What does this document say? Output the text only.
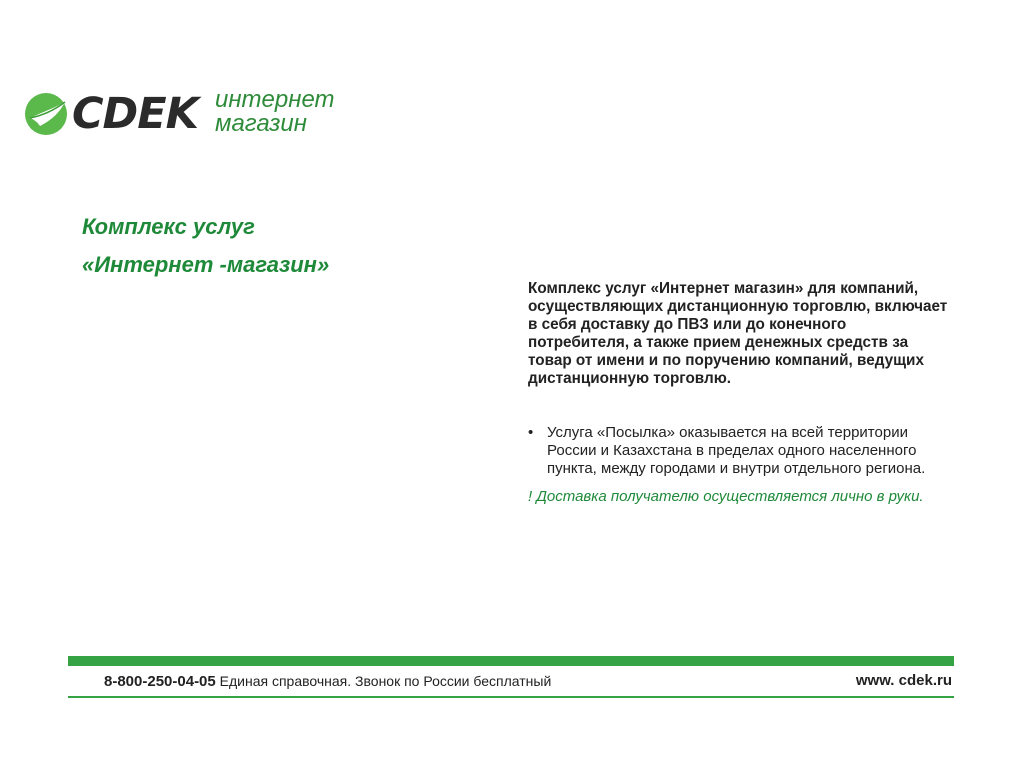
CDEK интернет
магазин
Комплекс услуг
«Интернет -магазин»

Комплекс услуг «Интернет магазин» для компаний, осуществляющих дистанционную торговлю, включает в себя доставку до ПВЗ или до конечного потребителя, а также прием денежных средств за товар от имени и по поручению компаний, ведущих дистанционную торговлю.

• Услуга «Посылка» оказывается на всей территории России и Казахстана в пределах одного населенного пункта, между городами и внутри отдельного региона.
! Доставка получателю осуществляется лично в руки.
8-800-250-04-05 Единая справочная. Звонок по России бесплатный	www. cdek.ru
